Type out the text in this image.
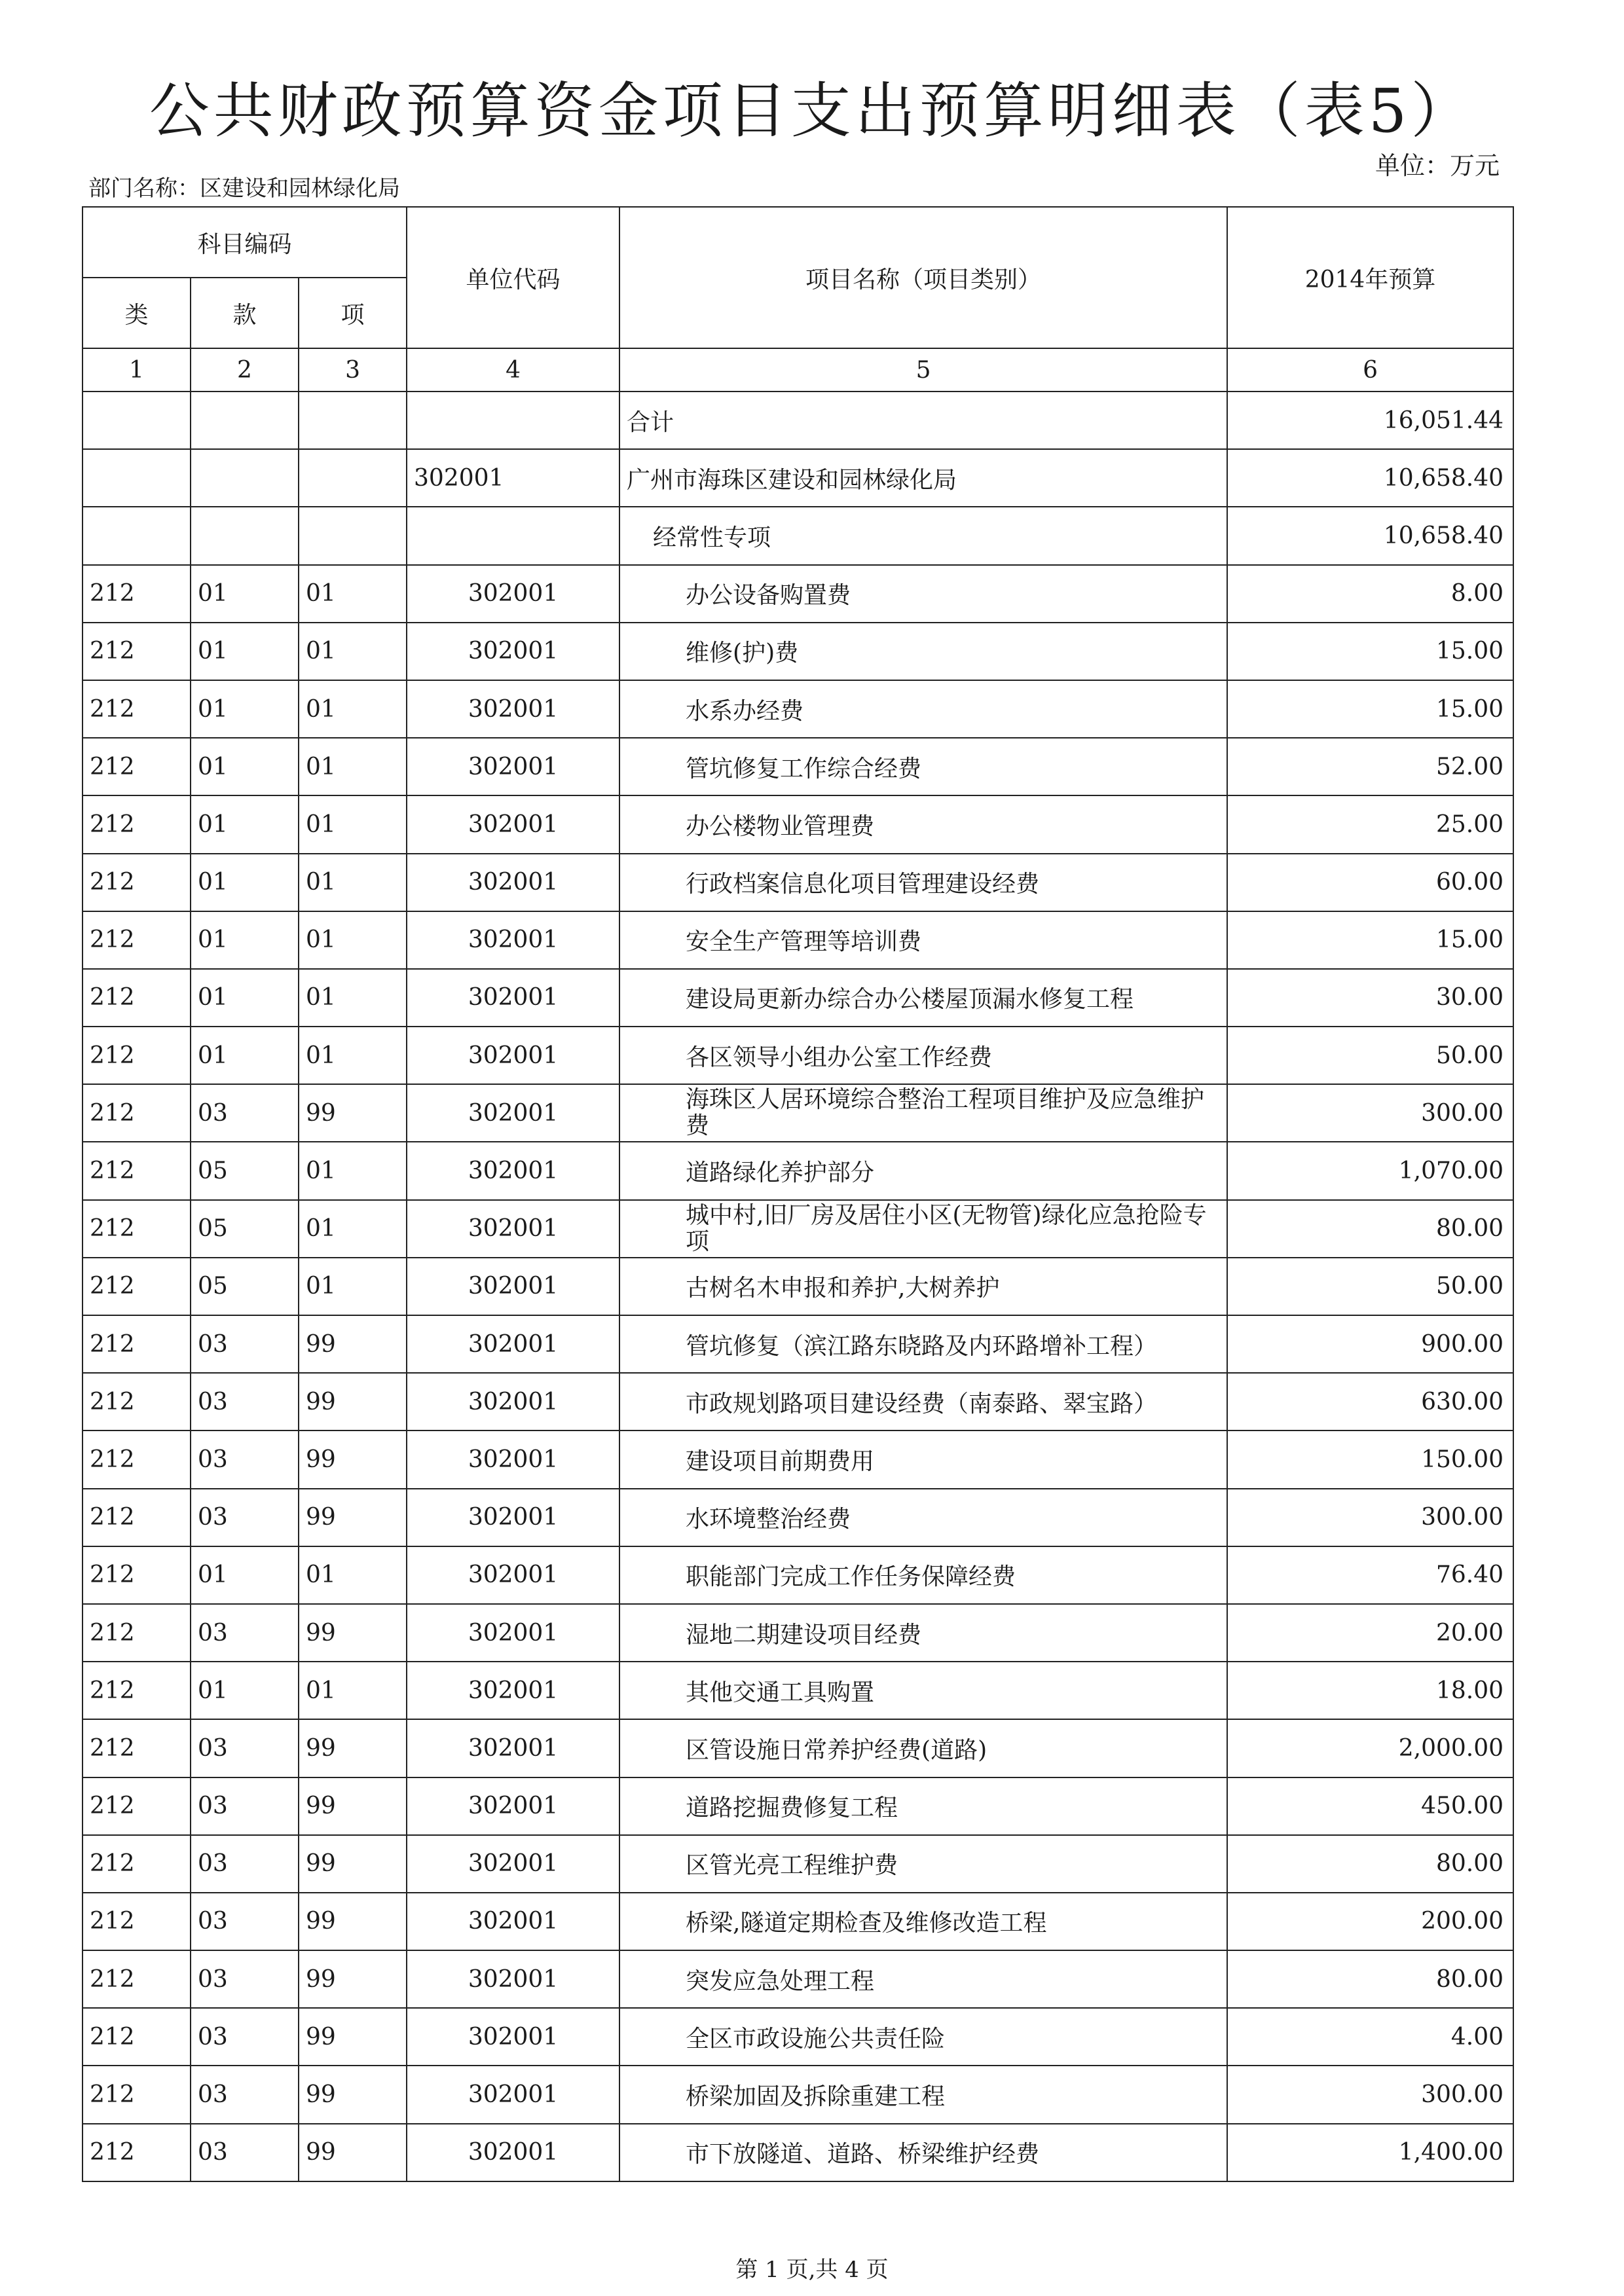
公共财政预算资金项目支出预算明细表（表5）
单位：万元
部门名称：区建设和园林绿化局
科目编码			单位代码	项目名称（项目类别）	2014年预算
类	款	项			
1	2	3	4	5	6
				合计	16,051.44
			302001	广州市海珠区建设和园林绿化局	10,658.40
				经常性专项	10,658.40
212	01	01	302001	办公设备购置费	8.00
212	01	01	302001	维修(护)费	15.00
212	01	01	302001	水系办经费	15.00
212	01	01	302001	管坑修复工作综合经费	52.00
212	01	01	302001	办公楼物业管理费	25.00
212	01	01	302001	行政档案信息化项目管理建设经费	60.00
212	01	01	302001	安全生产管理等培训费	15.00
212	01	01	302001	建设局更新办综合办公楼屋顶漏水修复工程	30.00
212	01	01	302001	各区领导小组办公室工作经费	50.00
212	03	99	302001	海珠区人居环境综合整治工程项目维护及应急维护费	300.00
212	05	01	302001	道路绿化养护部分	1,070.00
212	05	01	302001	城中村,旧厂房及居住小区(无物管)绿化应急抢险专项	80.00
212	05	01	302001	古树名木申报和养护,大树养护	50.00
212	03	99	302001	管坑修复（滨江路东晓路及内环路增补工程）	900.00
212	03	99	302001	市政规划路项目建设经费（南泰路、翠宝路）	630.00
212	03	99	302001	建设项目前期费用	150.00
212	03	99	302001	水环境整治经费	300.00
212	01	01	302001	职能部门完成工作任务保障经费	76.40
212	03	99	302001	湿地二期建设项目经费	20.00
212	01	01	302001	其他交通工具购置	18.00
212	03	99	302001	区管设施日常养护经费(道路)	2,000.00
212	03	99	302001	道路挖掘费修复工程	450.00
212	03	99	302001	区管光亮工程维护费	80.00
212	03	99	302001	桥梁,隧道定期检查及维修改造工程	200.00
212	03	99	302001	突发应急处理工程	80.00
212	03	99	302001	全区市政设施公共责任险	4.00
212	03	99	302001	桥梁加固及拆除重建工程	300.00
212	03	99	302001	市下放隧道、道路、桥梁维护经费	1,400.00
第 1 页,共 4 页
